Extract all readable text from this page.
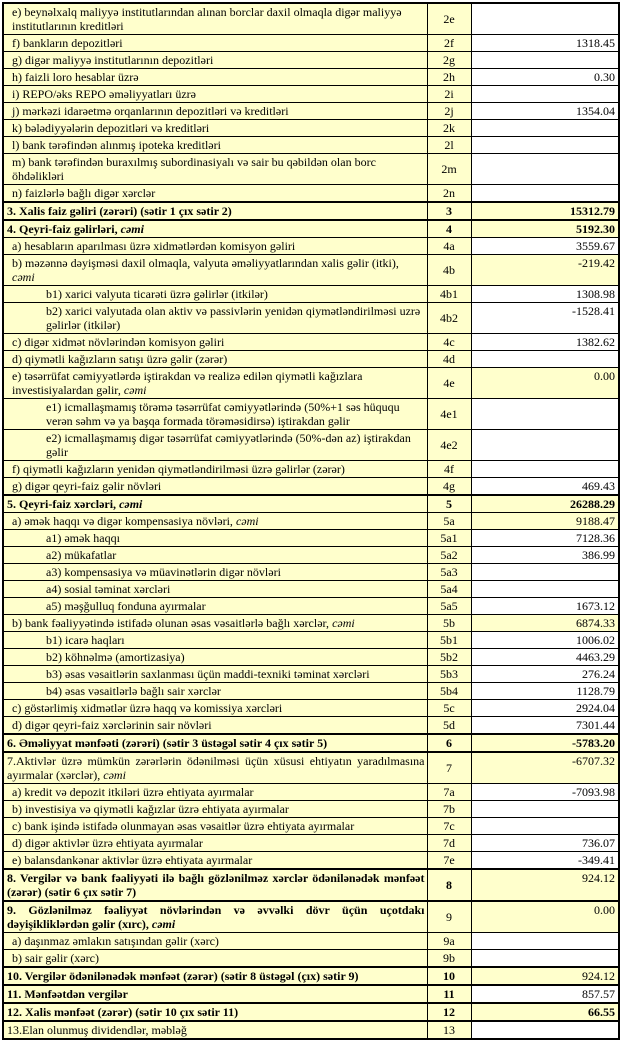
e) beynəlxalq maliyyə institutlarından alınan borclar daxil olmaqla digər maliyyə institutlarının kreditləri	2e	
f) bankların depozitləri	2f	1318.45
g) digər maliyyə institutlarının depozitləri	2g	
h) faizli loro hesablar üzrə	2h	0.30
i) REPO/əks REPO əməliyyatları üzrə	2i	
j) mərkəzi idarəetmə orqanlarının depozitləri və kreditləri	2j	1354.04
k) bələdiyyələrin depozitləri və kreditləri	2k	
l) bank tərəfindən alınmış ipoteka kreditləri	2l	
m) bank tərəfindən buraxılmış subordinasiyalı və sair bu qəbildən olan borc öhdəlikləri	2m	
n) faizlərlə bağlı digər xərclər	2n	
3. Xalis faiz gəliri (zərəri) (sətir 1 çıx sətir 2)	3	15312.79
4. Qeyri-faiz gəlirləri, cəmi	4	5192.30
a) hesabların aparılması üzrə xidmətlərdən komisyon gəliri	4a	3559.67
b) məzənnə dəyişməsi daxil olmaqla, valyuta əməliyyatlarından xalis gəlir (itki), cəmi	4b	-219.42
b1) xarici valyuta ticarəti üzrə gəlirlər (itkilər)	4b1	1308.98
b2) xarici valyutada olan aktiv və passivlərin yenidən qiymətləndirilməsi uzrə gəlirlər (itkilər)	4b2	-1528.41
c) digər xidmət növlərindən komisyon gəliri	4c	1382.62
d) qiymətli kağızların satışı üzrə gəlir (zərər)	4d	
e) təsərrüfat cəmiyyətlərdə iştirakdan və realizə edilən qiymətli kağızlara investisiyalardan gəlir, cəmi	4e	0.00
e1) icmallaşmamış törəmə təsərrüfat cəmiyyətlərində (50%+1 səs hüququ verən səhm və ya başqa formada törəməsidirsə) iştirakdan gəlir	4e1	
e2) icmallaşmamış digər təsərrüfat cəmiyyətlərində (50%-dən az) iştirakdan gəlir	4e2	
f) qiymətli kağızların yenidən qiymətləndirilməsi üzrə gəlirlər (zərər)	4f	
g) digər qeyri-faiz gəlir növləri	4g	469.43
5. Qeyri-faiz xərcləri, cəmi	5	26288.29
a) əmək haqqı və digər kompensasiya növləri, cəmi	5a	9188.47
a1) əmək haqqı	5a1	7128.36
a2) mükafatlar	5a2	386.99
a3) kompensasiya və müavinətlərin digər növləri	5a3	
a4) sosial təminat xərcləri	5a4	
a5) məşğulluq fonduna ayırmalar	5a5	1673.12
b) bank fəaliyyətində istifadə olunan əsas vəsaitlərlə bağlı xərclər, cəmi	5b	6874.33
b1) icarə haqları	5b1	1006.02
b2) köhnəlmə (amortizasiya)	5b2	4463.29
b3) əsas vəsaitlərin saxlanması üçün maddi-texniki təminat xərcləri	5b3	276.24
b4) əsas vəsaitlərlə bağlı sair xərclər	5b4	1128.79
c) göstərlimiş xidmətlər üzrə haqq və komissiya xərcləri	5c	2924.04
d) digər qeyri-faiz xərclərinin sair növləri	5d	7301.44
6. Əməliyyat mənfəəti (zərəri) (sətir 3 üstəgəl sətir 4 çıx sətir 5)	6	-5783.20
7.Aktivlər üzrə mümkün zərərlərin ödənilməsi üçün xüsusi ehtiyatın yaradılmasına ayırmalar (xərclər), cəmi	7	-6707.32
a) kredit və depozit itkiləri üzrə ehtiyata ayırmalar	7a	-7093.98
b) investisiya və qiymətli kağızlar üzrə ehtiyata ayırmalar	7b	
c) bank işində istifadə olunmayan əsas vəsaitlər üzrə ehtiyata ayırmalar	7c	
d) digər aktivlər üzrə ehtiyata ayırmalar	7d	736.07
e) balansdankənar aktivlər üzrə ehtiyata ayırmalar	7e	-349.41
8. Vergilər və bank fəaliyyəti ilə bağlı gözlənilməz xərclər ödənilənədək mənfəət (zərər) (sətir 6 çıx sətir 7)	8	924.12
9. Gözlənilməz fəaliyyət növlərindən və əvvəlki dövr üçün uçotdakı dəyişikliklərdən gəlir (xırc), cəmi	9	0.00
a) daşınmaz əmlakın satışından gəlir (xərc)	9a	
b) sair gəlir (xərc)	9b	
10. Vergilər ödənilənədək mənfəət (zərər) (sətir 8 üstəgəl (çıx) sətir 9)	10	924.12
11. Mənfəətdən vergilər	11	857.57
12. Xalis mənfəət (zərər) (sətir 10 çıx sətir 11)	12	66.55
13.Elan olunmuş dividendlər, məbləğ	13	
